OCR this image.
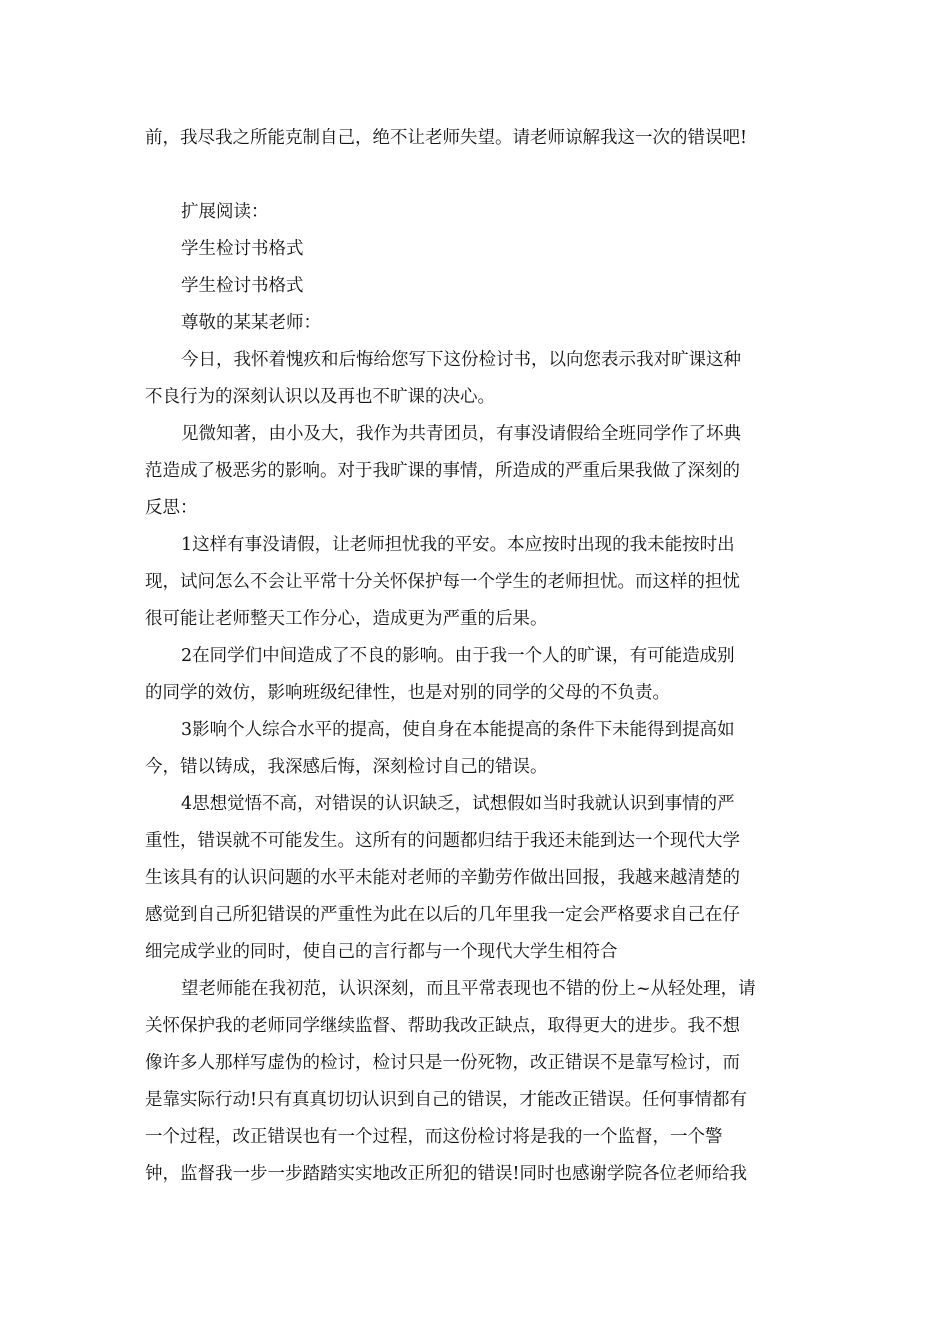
前，我尽我之所能克制自己，绝不让老师失望。请老师谅解我这一次的错误吧!
扩展阅读：
学生检讨书格式
学生检讨书格式
尊敬的某某老师：
今日，我怀着愧疚和后悔给您写下这份检讨书，以向您表示我对旷课这种
不良行为的深刻认识以及再也不旷课的决心。
见微知著，由小及大，我作为共青团员，有事没请假给全班同学作了坏典
范造成了极恶劣的影响。对于我旷课的事情，所造成的严重后果我做了深刻的
反思：
1这样有事没请假，让老师担忧我的平安。本应按时出现的我未能按时出
现，试问怎么不会让平常十分关怀保护每一个学生的老师担忧。而这样的担忧
很可能让老师整天工作分心，造成更为严重的后果。
2在同学们中间造成了不良的影响。由于我一个人的旷课，有可能造成别
的同学的效仿，影响班级纪律性，也是对别的同学的父母的不负责。
3影响个人综合水平的提高，使自身在本能提高的条件下未能得到提高如
今，错以铸成，我深感后悔，深刻检讨自己的错误。
4思想觉悟不高，对错误的认识缺乏，试想假如当时我就认识到事情的严
重性，错误就不可能发生。这所有的问题都归结于我还未能到达一个现代大学
生该具有的认识问题的水平未能对老师的辛勤劳作做出回报，我越来越清楚的
感觉到自己所犯错误的严重性为此在以后的几年里我一定会严格要求自己在仔
细完成学业的同时，使自己的言行都与一个现代大学生相符合
望老师能在我初范，认识深刻，而且平常表现也不错的份上~从轻处理，请
关怀保护我的老师同学继续监督、帮助我改正缺点，取得更大的进步。我不想
像许多人那样写虚伪的检讨，检讨只是一份死物，改正错误不是靠写检讨，而
是靠实际行动!只有真真切切认识到自己的错误，才能改正错误。任何事情都有
一个过程，改正错误也有一个过程，而这份检讨将是我的一个监督，一个警
钟，监督我一步一步踏踏实实地改正所犯的错误!同时也感谢学院各位老师给我
